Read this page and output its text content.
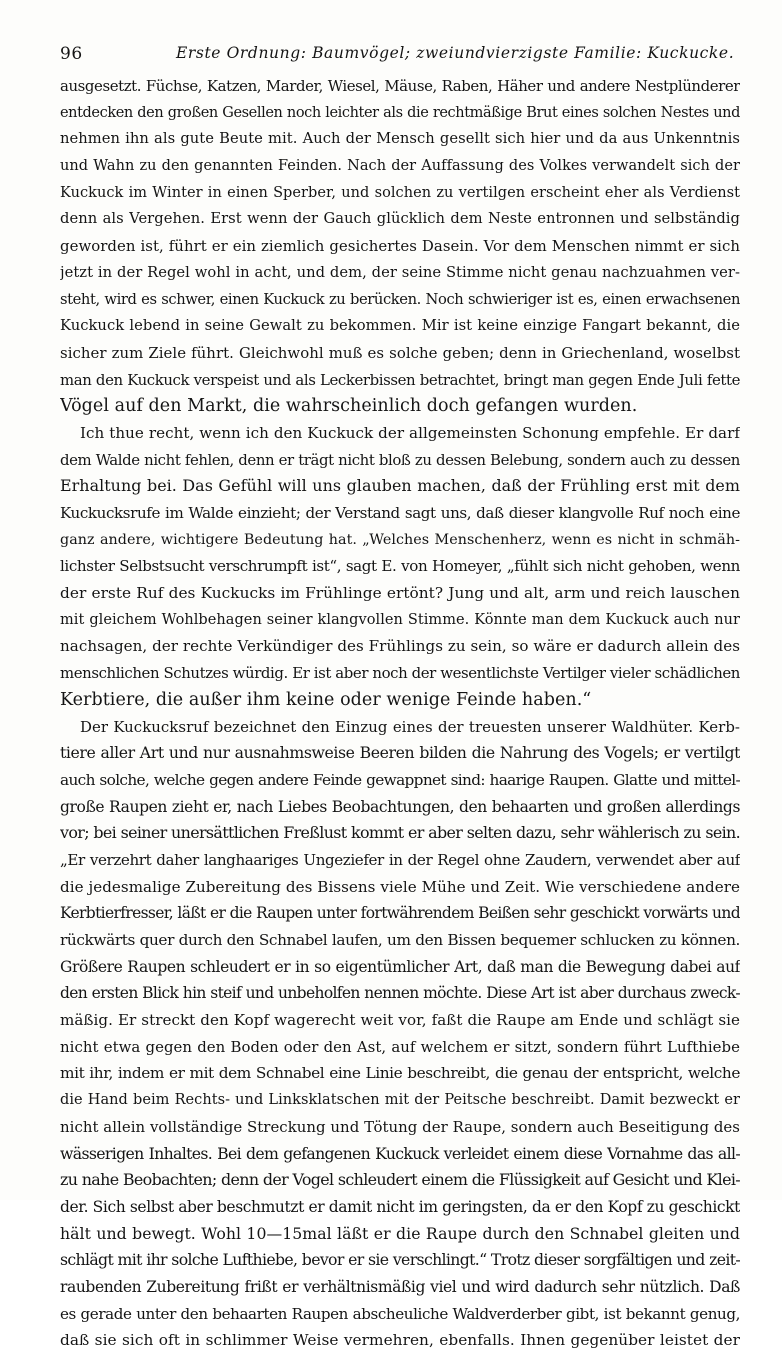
96	Erste Ordnung: Baumvögel; zweiundvierzigste Familie: Kuckucke.
ausgesetzt. Füchse, Katzen, Marder, Wiesel, Mäuse, Raben, Häher und andere Nestplünderer
entdecken den großen Gesellen noch leichter als die rechtmäßige Brut eines solchen Nestes und
nehmen ihn als gute Beute mit. Auch der Mensch gesellt sich hier und da aus Unkenntnis
und Wahn zu den genannten Feinden. Nach der Auffassung des Volkes verwandelt sich der
Kuckuck im Winter in einen Sperber, und solchen zu vertilgen erscheint eher als Verdienst
denn als Vergehen. Erst wenn der Gauch glücklich dem Neste entronnen und selbständig
geworden ist, führt er ein ziemlich gesichertes Dasein. Vor dem Menschen nimmt er sich
jetzt in der Regel wohl in acht, und dem, der seine Stimme nicht genau nachzuahmen ver-
steht, wird es schwer, einen Kuckuck zu berücken. Noch schwieriger ist es, einen erwachsenen
Kuckuck lebend in seine Gewalt zu bekommen. Mir ist keine einzige Fangart bekannt, die
sicher zum Ziele führt. Gleichwohl muß es solche geben; denn in Griechenland, woselbst
man den Kuckuck verspeist und als Leckerbissen betrachtet, bringt man gegen Ende Juli fette
Vögel auf den Markt, die wahrscheinlich doch gefangen wurden.
Ich thue recht, wenn ich den Kuckuck der allgemeinsten Schonung empfehle. Er darf
dem Walde nicht fehlen, denn er trägt nicht bloß zu dessen Belebung, sondern auch zu dessen
Erhaltung bei. Das Gefühl will uns glauben machen, daß der Frühling erst mit dem
Kuckucksrufe im Walde einzieht; der Verstand sagt uns, daß dieser klangvolle Ruf noch eine
ganz andere, wichtigere Bedeutung hat. „Welches Menschenherz, wenn es nicht in schmäh-
lichster Selbstsucht verschrumpft ist“, sagt E. von Homeyer, „fühlt sich nicht gehoben, wenn
der erste Ruf des Kuckucks im Frühlinge ertönt? Jung und alt, arm und reich lauschen
mit gleichem Wohlbehagen seiner klangvollen Stimme. Könnte man dem Kuckuck auch nur
nachsagen, der rechte Verkündiger des Frühlings zu sein, so wäre er dadurch allein des
menschlichen Schutzes würdig. Er ist aber noch der wesentlichste Vertilger vieler schädlichen
Kerbtiere, die außer ihm keine oder wenige Feinde haben.“
Der Kuckucksruf bezeichnet den Einzug eines der treuesten unserer Waldhüter. Kerb-
tiere aller Art und nur ausnahmsweise Beeren bilden die Nahrung des Vogels; er vertilgt
auch solche, welche gegen andere Feinde gewappnet sind: haarige Raupen. Glatte und mittel-
große Raupen zieht er, nach Liebes Beobachtungen, den behaarten und großen allerdings
vor; bei seiner unersättlichen Freßlust kommt er aber selten dazu, sehr wählerisch zu sein.
„Er verzehrt daher langhaariges Ungeziefer in der Regel ohne Zaudern, verwendet aber auf
die jedesmalige Zubereitung des Bissens viele Mühe und Zeit. Wie verschiedene andere
Kerbtierfresser, läßt er die Raupen unter fortwährendem Beißen sehr geschickt vorwärts und
rückwärts quer durch den Schnabel laufen, um den Bissen bequemer schlucken zu können.
Größere Raupen schleudert er in so eigentümlicher Art, daß man die Bewegung dabei auf
den ersten Blick hin steif und unbeholfen nennen möchte. Diese Art ist aber durchaus zweck-
mäßig. Er streckt den Kopf wagerecht weit vor, faßt die Raupe am Ende und schlägt sie
nicht etwa gegen den Boden oder den Ast, auf welchem er sitzt, sondern führt Lufthiebe
mit ihr, indem er mit dem Schnabel eine Linie beschreibt, die genau der entspricht, welche
die Hand beim Rechts- und Linksklatschen mit der Peitsche beschreibt. Damit bezweckt er
nicht allein vollständige Streckung und Tötung der Raupe, sondern auch Beseitigung des
wässerigen Inhaltes. Bei dem gefangenen Kuckuck verleidet einem diese Vornahme das all-
zu nahe Beobachten; denn der Vogel schleudert einem die Flüssigkeit auf Gesicht und Klei-
der. Sich selbst aber beschmutzt er damit nicht im geringsten, da er den Kopf zu geschickt
hält und bewegt. Wohl 10—15mal läßt er die Raupe durch den Schnabel gleiten und
schlägt mit ihr solche Lufthiebe, bevor er sie verschlingt.“ Trotz dieser sorgfältigen und zeit-
raubenden Zubereitung frißt er verhältnismäßig viel und wird dadurch sehr nützlich. Daß
es gerade unter den behaarten Raupen abscheuliche Waldverderber gibt, ist bekannt genug,
daß sie sich oft in schlimmer Weise vermehren, ebenfalls. Ihnen gegenüber leistet der
